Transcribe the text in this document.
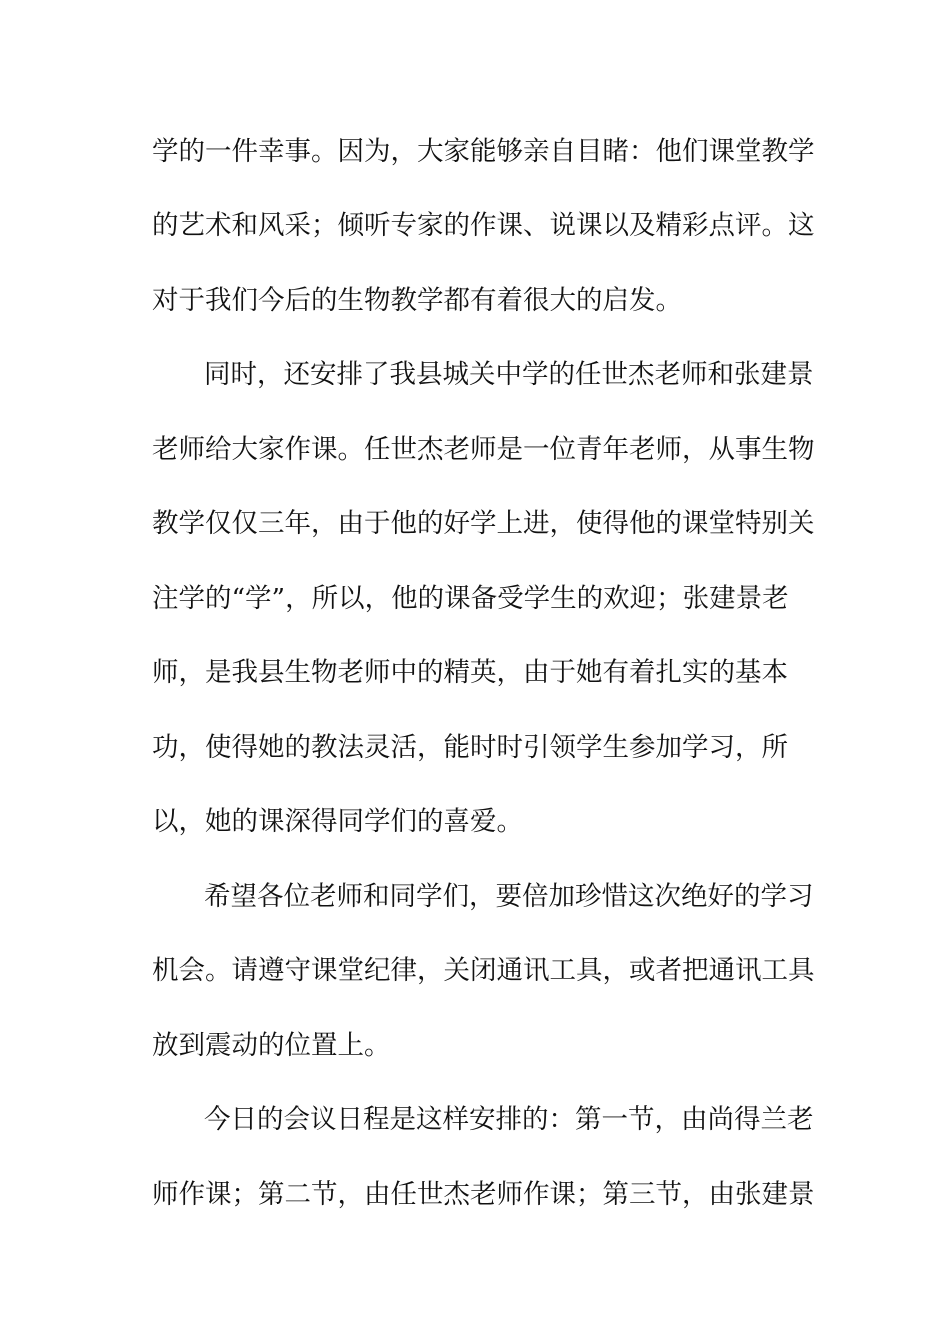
学的一件幸事。因为，大家能够亲自目睹：他们课堂教学
的艺术和风采；倾听专家的作课、说课以及精彩点评。这
对于我们今后的生物教学都有着很大的启发。
同时，还安排了我县城关中学的任世杰老师和张建景
老师给大家作课。任世杰老师是一位青年老师，从事生物
教学仅仅三年，由于他的好学上进，使得他的课堂特别关
注学的“学”，所以，他的课备受学生的欢迎；张建景老
师，是我县生物老师中的精英，由于她有着扎实的基本
功，使得她的教法灵活，能时时引领学生参加学习，所
以，她的课深得同学们的喜爱。
希望各位老师和同学们，要倍加珍惜这次绝好的学习
机会。请遵守课堂纪律，关闭通讯工具，或者把通讯工具
放到震动的位置上。
今日的会议日程是这样安排的：第一节，由尚得兰老
师作课；第二节，由任世杰老师作课；第三节，由张建景
